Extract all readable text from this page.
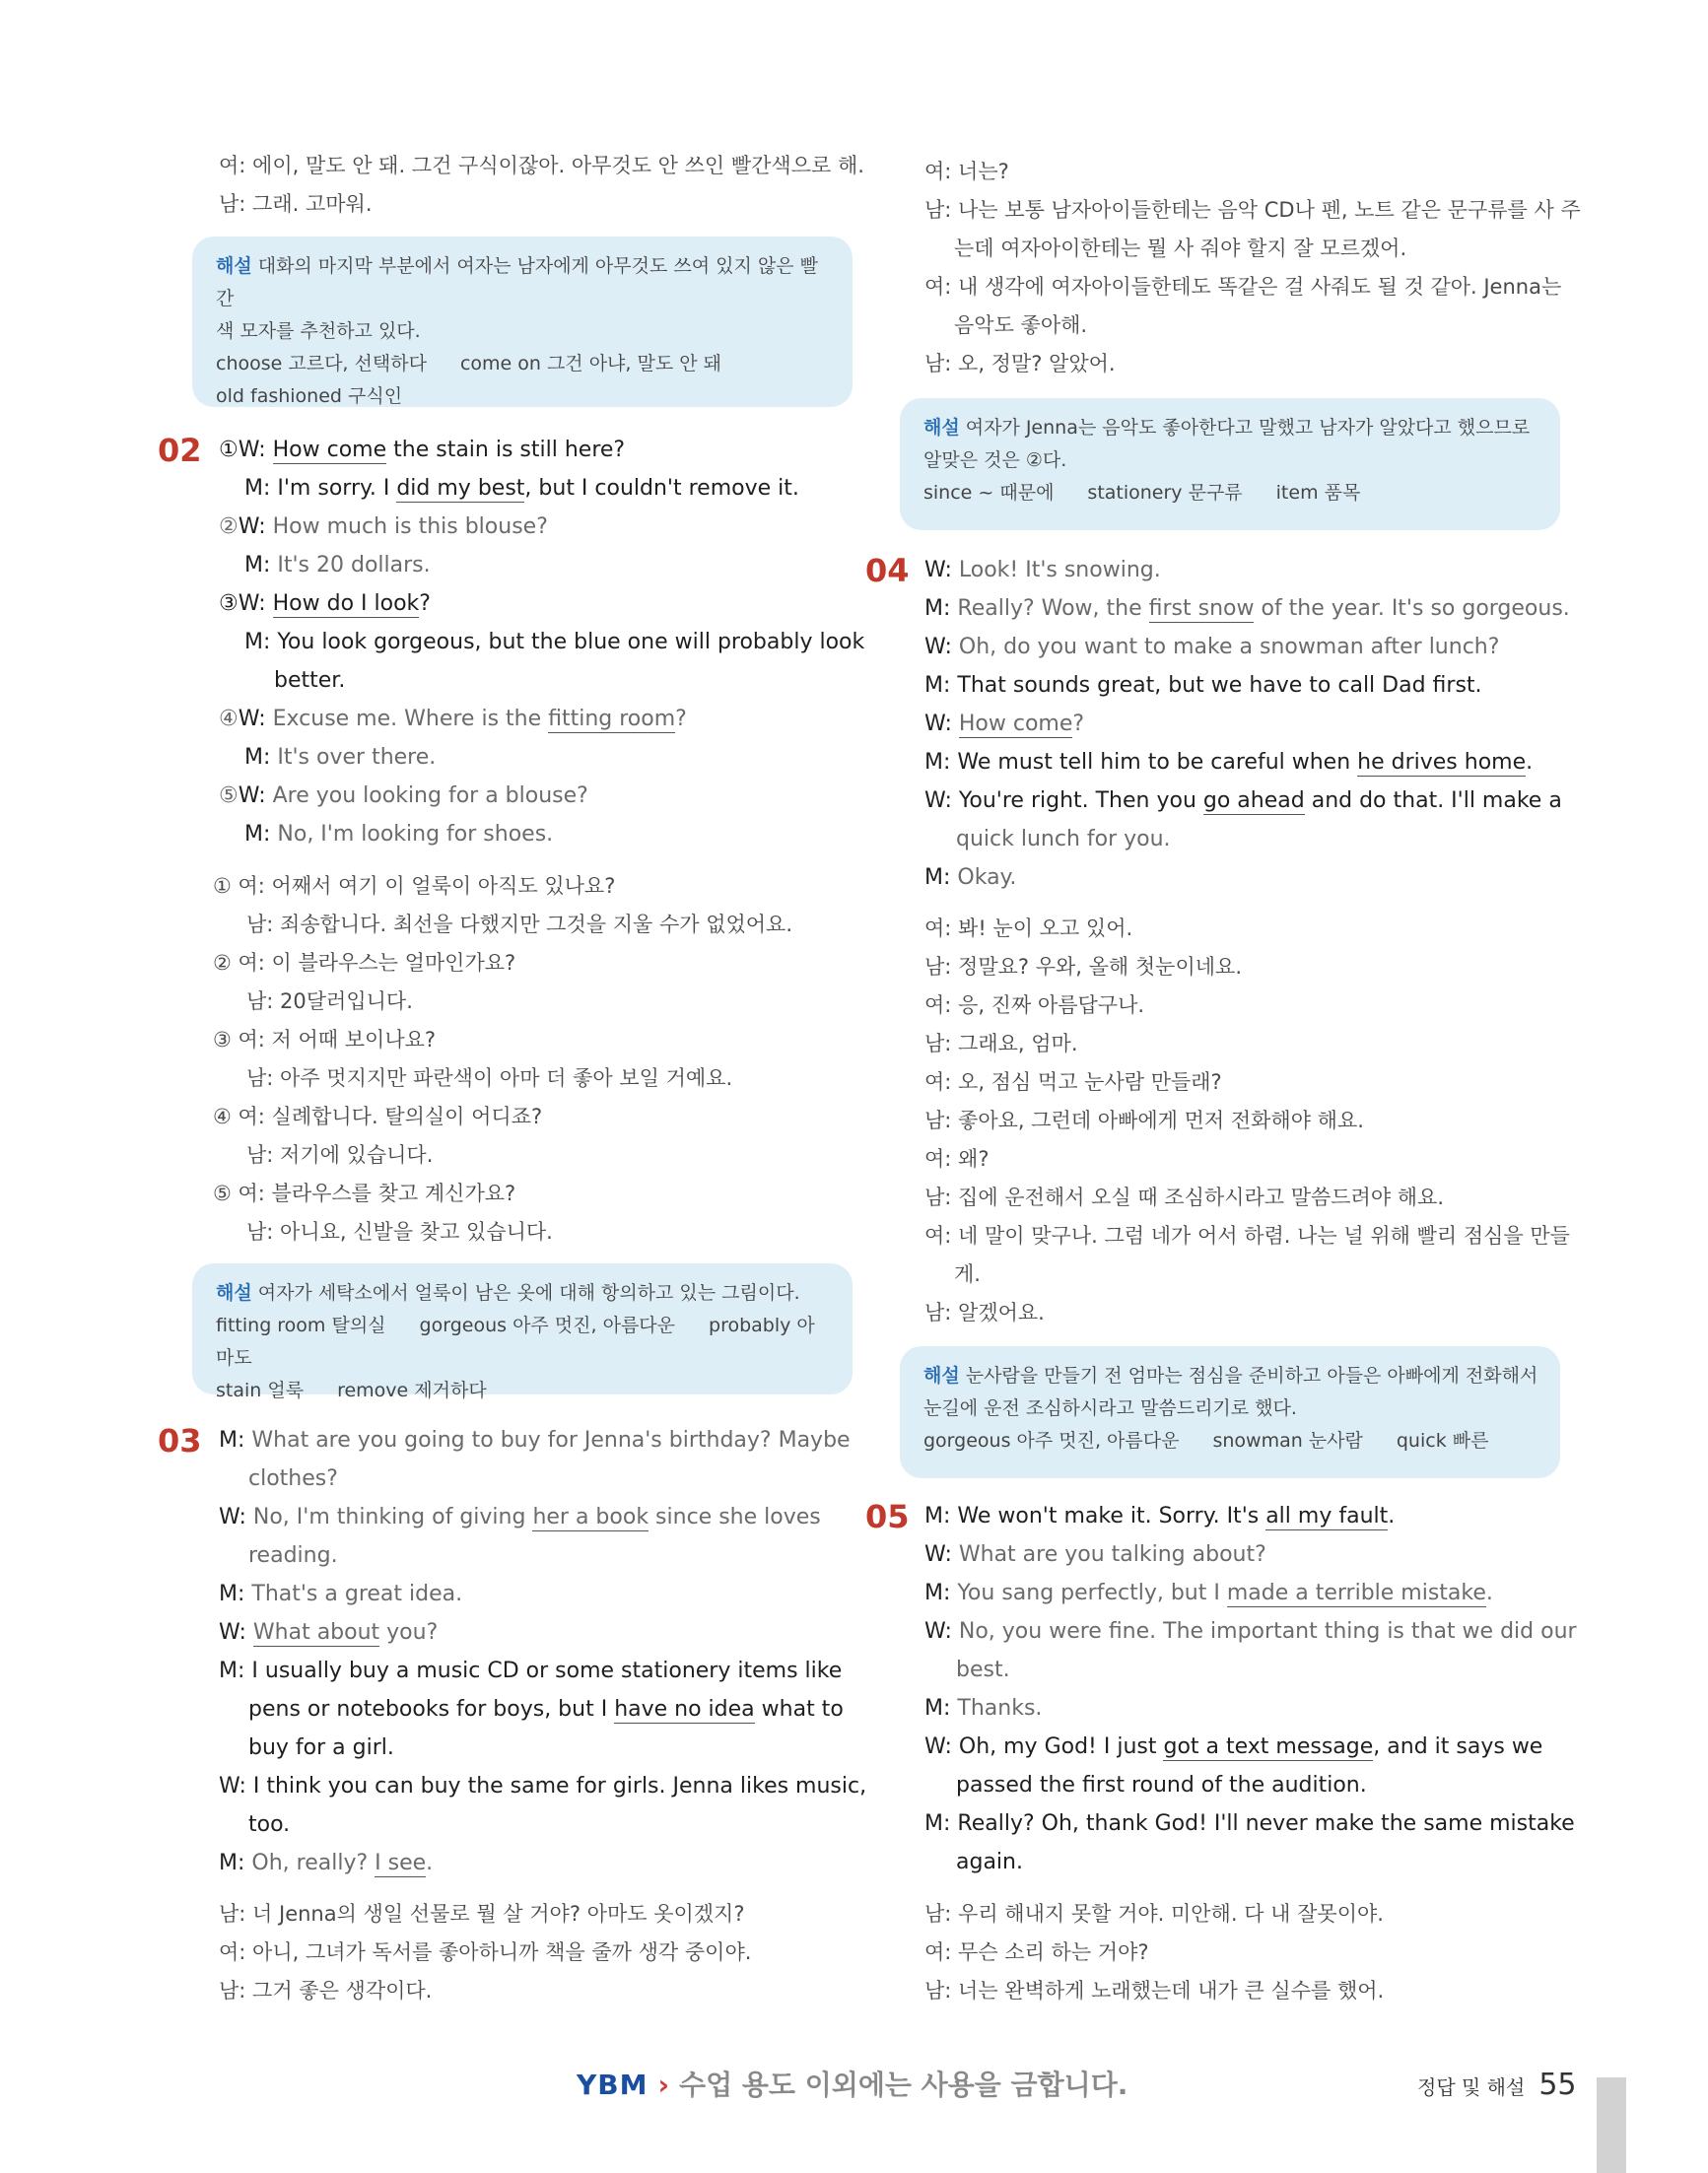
여: 에이, 말도 안 돼. 그건 구식이잖아. 아무것도 안 쓰인 빨간색으로 해.
남: 그래. 고마워.
해설 대화의 마지막 부분에서 여자는 남자에게 아무것도 쓰여 있지 않은 빨간
색 모자를 추천하고 있다.
choose 고르다, 선택하다 come on 그건 아냐, 말도 안 돼
old fashioned 구식인
02 ①W: How come the stain is still here?
M: I'm sorry. I did my best, but I couldn't remove it.
②W: How much is this blouse?
M: It's 20 dollars.
③W: How do I look?
M: You look gorgeous, but the blue one will probably look
better.
④W: Excuse me. Where is the fitting room?
M: It's over there.
⑤W: Are you looking for a blouse?
M: No, I'm looking for shoes.
① 여: 어째서 여기 이 얼룩이 아직도 있나요?
남: 죄송합니다. 최선을 다했지만 그것을 지울 수가 없었어요.
② 여: 이 블라우스는 얼마인가요?
남: 20달러입니다.
③ 여: 저 어때 보이나요?
남: 아주 멋지지만 파란색이 아마 더 좋아 보일 거예요.
④ 여: 실례합니다. 탈의실이 어디죠?
남: 저기에 있습니다.
⑤ 여: 블라우스를 찾고 계신가요?
남: 아니요, 신발을 찾고 있습니다.
해설 여자가 세탁소에서 얼룩이 남은 옷에 대해 항의하고 있는 그림이다.
fitting room 탈의실 gorgeous 아주 멋진, 아름다운 probably 아마도
stain 얼룩 remove 제거하다
03 M: What are you going to buy for Jenna's birthday? Maybe
clothes?
W: No, I'm thinking of giving her a book since she loves
reading.
M: That's a great idea.
W: What about you?
M: I usually buy a music CD or some stationery items like
pens or notebooks for boys, but I have no idea what to
buy for a girl.
W: I think you can buy the same for girls. Jenna likes music,
too.
M: Oh, really? I see.
남: 너 Jenna의 생일 선물로 뭘 살 거야? 아마도 옷이겠지?
여: 아니, 그녀가 독서를 좋아하니까 책을 줄까 생각 중이야.
남: 그거 좋은 생각이다.
여: 너는?
남: 나는 보통 남자아이들한테는 음악 CD나 펜, 노트 같은 문구류를 사 주
는데 여자아이한테는 뭘 사 줘야 할지 잘 모르겠어.
여: 내 생각에 여자아이들한테도 똑같은 걸 사줘도 될 것 같아. Jenna는
음악도 좋아해.
남: 오, 정말? 알았어.
해설 여자가 Jenna는 음악도 좋아한다고 말했고 남자가 알았다고 했으므로
알맞은 것은 ②다.
since ~ 때문에 stationery 문구류 item 품목
04 W: Look! It's snowing.
M: Really? Wow, the first snow of the year. It's so gorgeous.
W: Oh, do you want to make a snowman after lunch?
M: That sounds great, but we have to call Dad first.
W: How come?
M: We must tell him to be careful when he drives home.
W: You're right. Then you go ahead and do that. I'll make a
quick lunch for you.
M: Okay.
여: 봐! 눈이 오고 있어.
남: 정말요? 우와, 올해 첫눈이네요.
여: 응, 진짜 아름답구나.
남: 그래요, 엄마.
여: 오, 점심 먹고 눈사람 만들래?
남: 좋아요, 그런데 아빠에게 먼저 전화해야 해요.
여: 왜?
남: 집에 운전해서 오실 때 조심하시라고 말씀드려야 해요.
여: 네 말이 맞구나. 그럼 네가 어서 하렴. 나는 널 위해 빨리 점심을 만들
게.
남: 알겠어요.
해설 눈사람을 만들기 전 엄마는 점심을 준비하고 아들은 아빠에게 전화해서
눈길에 운전 조심하시라고 말씀드리기로 했다.
gorgeous 아주 멋진, 아름다운 snowman 눈사람 quick 빠른
05 M: We won't make it. Sorry. It's all my fault.
W: What are you talking about?
M: You sang perfectly, but I made a terrible mistake.
W: No, you were fine. The important thing is that we did our
best.
M: Thanks.
W: Oh, my God! I just got a text message, and it says we
passed the first round of the audition.
M: Really? Oh, thank God! I'll never make the same mistake
again.
남: 우리 해내지 못할 거야. 미안해. 다 내 잘못이야.
여: 무슨 소리 하는 거야?
남: 너는 완벽하게 노래했는데 내가 큰 실수를 했어.
YBM › 수업 용도 이외에는 사용을 금합니다.	정답 및 해설 55
